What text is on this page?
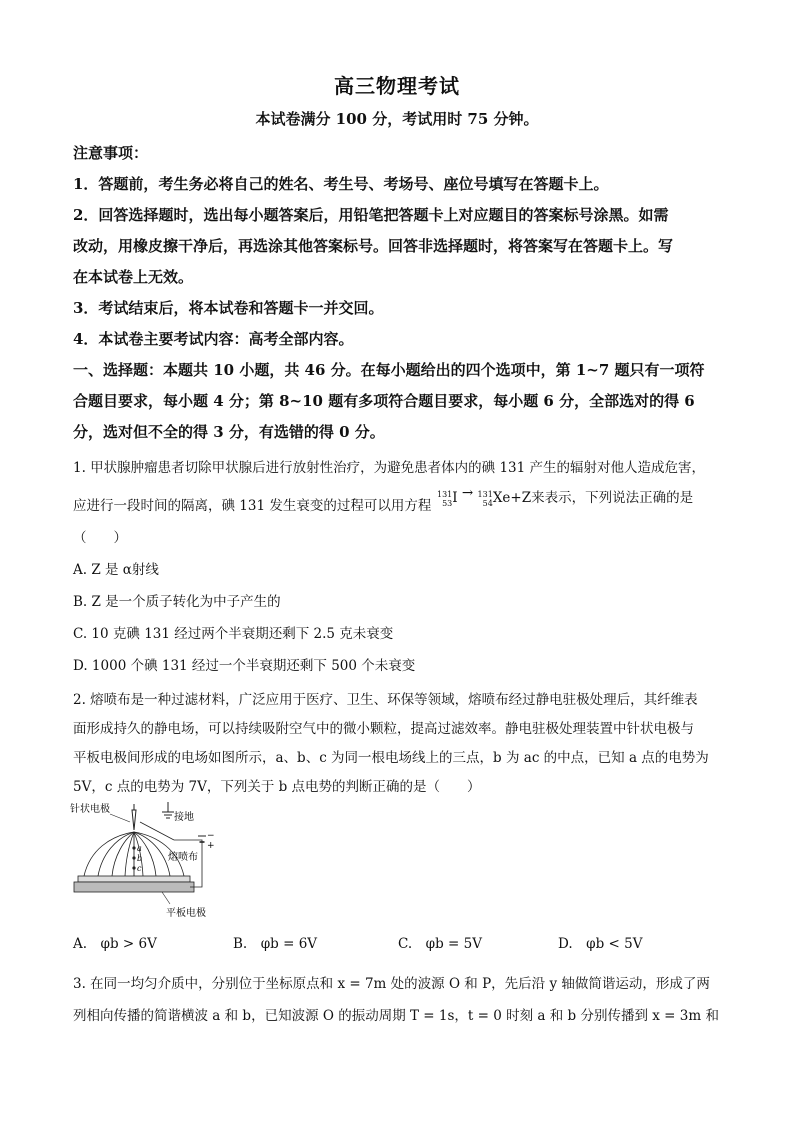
高三物理考试
本试卷满分 100 分，考试用时 75 分钟。
注意事项：
1．答题前，考生务必将自己的姓名、考生号、考场号、座位号填写在答题卡上。
2．回答选择题时，选出每小题答案后，用铅笔把答题卡上对应题目的答案标号涂黑。如需
改动，用橡皮擦干净后，再选涂其他答案标号。回答非选择题时，将答案写在答题卡上。写
在本试卷上无效。
3．考试结束后，将本试卷和答题卡一并交回。
4．本试卷主要考试内容：高考全部内容。
一、选择题：本题共 10 小题，共 46 分。在每小题给出的四个选项中，第 1~7 题只有一项符
合题目要求，每小题 4 分；第 8~10 题有多项符合题目要求，每小题 6 分，全部选对的得 6
分，选对但不全的得 3 分，有选错的得 0 分。
1. 甲状腺肿瘤患者切除甲状腺后进行放射性治疗，为避免患者体内的碘 131 产生的辐射对他人造成危害，
应进行一段时间的隔离，碘 131 发生衰变的过程可以用方程
131
53 I → 131
54 Xe+Z来表示，下列说法正确的是
（　　）
A. Z 是 α射线
B. Z 是一个质子转化为中子产生的
C. 10 克碘 131 经过两个半衰期还剩下 2.5 克未衰变
D. 1000 个碘 131 经过一个半衰期还剩下 500 个未衰变
2. 熔喷布是一种过滤材料，广泛应用于医疗、卫生、环保等领域，熔喷布经过静电驻极处理后，其纤维表
面形成持久的静电场，可以持续吸附空气中的微小颗粒，提高过滤效率。静电驻极处理装置中针状电极与
平板电极间形成的电场如图所示，a、b、c 为同一根电场线上的三点，b 为 ac 的中点，已知 a 点的电势为
5V，c 点的电势为 7V，下列关于 b 点电势的判断正确的是（　　）
针状电极
接地
熔喷布
平板电极
a
b
c
−
+
A.　φb > 6V	B.　φb = 6V	C.　φb = 5V	D.　φb < 5V
3. 在同一均匀介质中，分别位于坐标原点和 x = 7m 处的波源 O 和 P，先后沿 y 轴做简谐运动，形成了两
列相向传播的简谐横波 a 和 b，已知波源 O 的振动周期 T = 1s，t = 0 时刻 a 和 b 分别传播到 x = 3m 和
